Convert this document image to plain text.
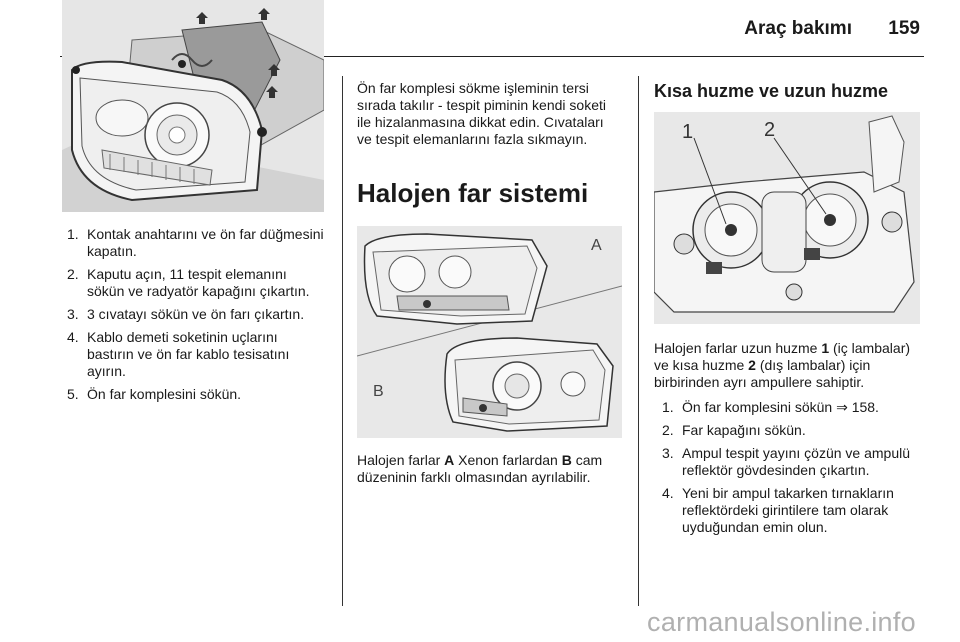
Araç bakımı 159
1. Kontak anahtarını ve ön far düğmesini kapatın.
2. Kaputu açın, 11 tespit elemanını sökün ve radyatör kapağını çıkartın.
3. 3 cıvatayı sökün ve ön farı çıkartın.
4. Kablo demeti soketinin uçlarını bastırın ve ön far kablo tesisatını ayırın.
5. Ön far komplesini sökün.

Ön far komplesi sökme işleminin tersi sırada takılır - tespit piminin kendi soketi ile hizalanmasına dikkat edin. Cıvataları ve tespit elemanlarını fazla sıkmayın.

Halojen far sistemi
A
B

Halojen farlar A Xenon farlardan B cam düzeninin farklı olmasından ayrılabilir.

Kısa huzme ve uzun huzme
1	2

Halojen farlar uzun huzme 1 (iç lambalar) ve kısa huzme 2 (dış lambalar) için birbirinden ayrı ampullere sahiptir.

1. Ön far komplesini sökün ⇒ 158.
2. Far kapağını sökün.
3. Ampul tespit yayını çözün ve ampulü reflektör gövdesinden çıkartın.
4. Yeni bir ampul takarken tırnakların reflektördeki girintilere tam olarak uyduğundan emin olun.
carmanualsonline.info
